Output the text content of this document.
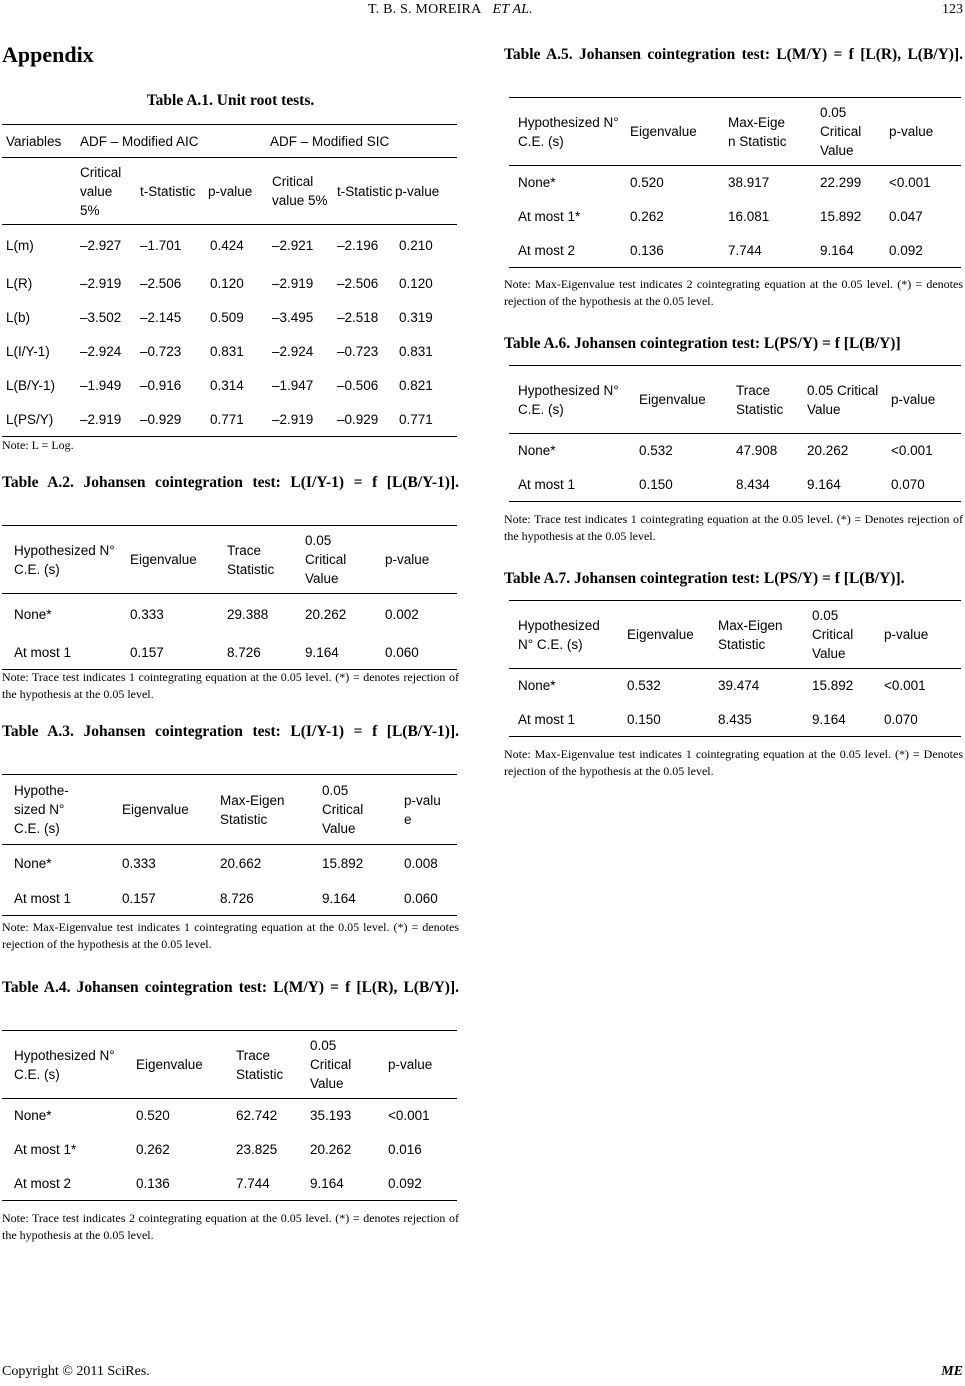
T. B. S. MOREIRA ET AL.	123
Appendix
Table A.1. Unit root tests.
Variables	ADF – Modified AIC			ADF – Modified SIC		
	Critical value 5%	t-Statistic	p-value	Critical value 5%	t-Statistic	p-value
L(m)	–2.927	–1.701	0.424	–2.921	–2.196	0.210
L(R)	–2.919	–2.506	0.120	–2.919	–2.506	0.120
L(b)	–3.502	–2.145	0.509	–3.495	–2.518	0.319
L(I/Y-1)	–2.924	–0.723	0.831	–2.924	–0.723	0.831
L(B/Y-1)	–1.949	–0.916	0.314	–1.947	–0.506	0.821
L(PS/Y)	–2.919	–0.929	0.771	–2.919	–0.929	0.771
Note: L = Log.
Table A.2. Johansen cointegration test: L(I/Y-1) = f [L(B/Y-1)].
Hypothesized N° C.E. (s)	Eigenvalue	Trace Statistic	0.05 Critical Value	p-value
None*	0.333	29.388	20.262	0.002
At most 1	0.157	8.726	9.164	0.060
Note: Trace test indicates 1 cointegrating equation at the 0.05 level. (*) = denotes rejection of the hypothesis at the 0.05 level.
Table A.3. Johansen cointegration test: L(I/Y-1) = f [L(B/Y-1)].
Hypothe-sized N° C.E. (s)	Eigenvalue	Max-Eigen Statistic	0.05 Critical Value	p-valu e
None*	0.333	20.662	15.892	0.008
At most 1	0.157	8.726	9.164	0.060
Note: Max-Eigenvalue test indicates 1 cointegrating equation at the 0.05 level. (*) = denotes rejection of the hypothesis at the 0.05 level.
Table A.4. Johansen cointegration test: L(M/Y) = f [L(R), L(B/Y)].
Hypothesized N° C.E. (s)	Eigenvalue	Trace Statistic	0.05 Critical Value	p-value
None*	0.520	62.742	35.193	<0.001
At most 1*	0.262	23.825	20.262	0.016
At most 2	0.136	7.744	9.164	0.092
Note: Trace test indicates 2 cointegrating equation at the 0.05 level. (*) = denotes rejection of the hypothesis at the 0.05 level.
Table A.5. Johansen cointegration test: L(M/Y) = f [L(R), L(B/Y)].
Hypothesized N° C.E. (s)	Eigenvalue	Max-Eige n Statistic	0.05 Critical Value	p-value
None*	0.520	38.917	22.299	<0.001
At most 1*	0.262	16.081	15.892	0.047
At most 2	0.136	7.744	9.164	0.092
Note: Max-Eigenvalue test indicates 2 cointegrating equation at the 0.05 level. (*) = denotes rejection of the hypothesis at the 0.05 level.
Table A.6. Johansen cointegration test: L(PS/Y) = f [L(B/Y)]
Hypothesized N° C.E. (s)	Eigenvalue	Trace Statistic	0.05 Critical Value	p-value
None*	0.532	47.908	20.262	<0.001
At most 1	0.150	8.434	9.164	0.070
Note: Trace test indicates 1 cointegrating equation at the 0.05 level. (*) = Denotes rejection of the hypothesis at the 0.05 level.
Table A.7. Johansen cointegration test: L(PS/Y) = f [L(B/Y)].
Hypothesized N° C.E. (s)	Eigenvalue	Max-Eigen Statistic	0.05 Critical Value	p-value
None*	0.532	39.474	15.892	<0.001
At most 1	0.150	8.435	9.164	0.070
Note: Max-Eigenvalue test indicates 1 cointegrating equation at the 0.05 level. (*) = Denotes rejection of the hypothesis at the 0.05 level.
Copyright © 2011 SciRes.	ME
